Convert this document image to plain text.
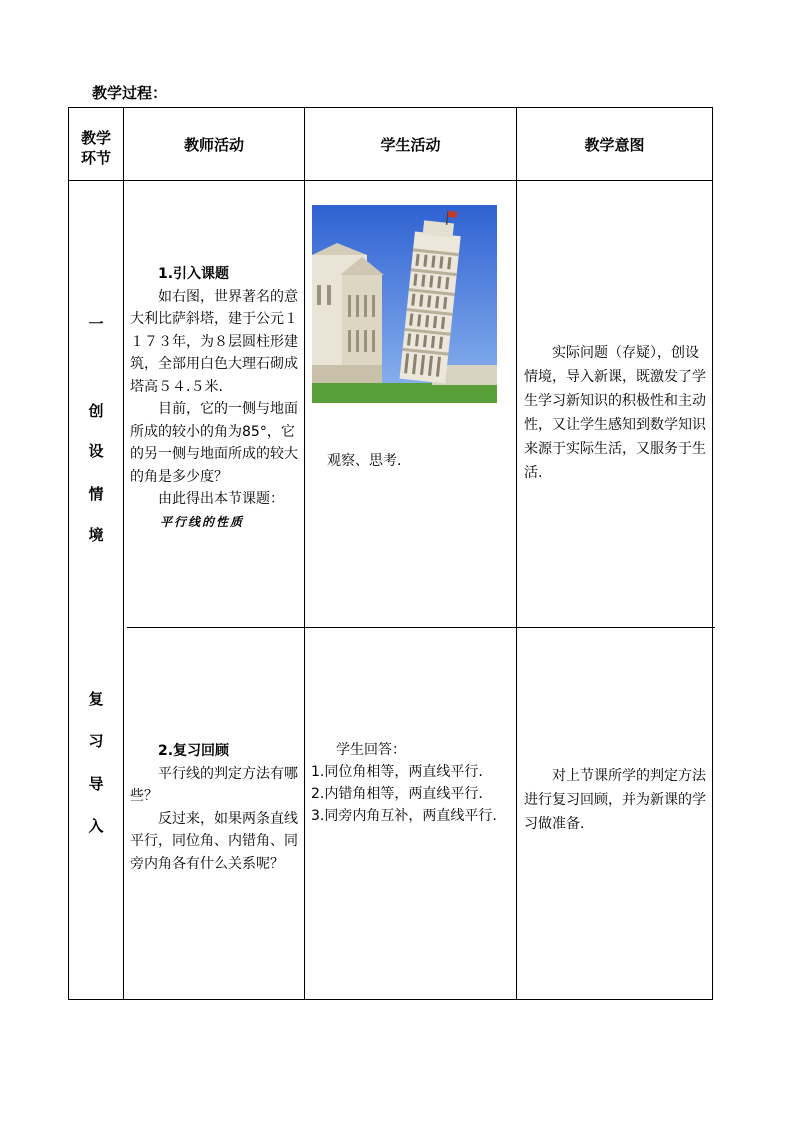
教学过程：
教学
环节
教师活动	学生活动	教学意图
一
创
设
情
境
复
习
导
入

1.引入课题

如右图，世界著名的意大利比萨斜塔，建于公元１１７３年，为８层圆柱形建筑，全部用白色大理石砌成塔高５４.５米.

目前，它的一侧与地面所成的较小的角为85°，它的另一侧与地面所成的较大的角是多少度？

由此得出本节课题：

平行线的性质

观察、思考.
实际问题（存疑），创设情境，导入新课，既激发了学生学习新知识的积极性和主动性，又让学生感知到数学知识来源于实际生活，又服务于生活.

2.复习回顾

平行线的判定方法有哪些？

反过来，如果两条直线平行，同位角、内错角、同旁内角各有什么关系呢？

学生回答：

1.同位角相等，两直线平行.

2.内错角相等，两直线平行.

3.同旁内角互补，两直线平行.

对上节课所学的判定方法进行复习回顾，并为新课的学习做准备.
